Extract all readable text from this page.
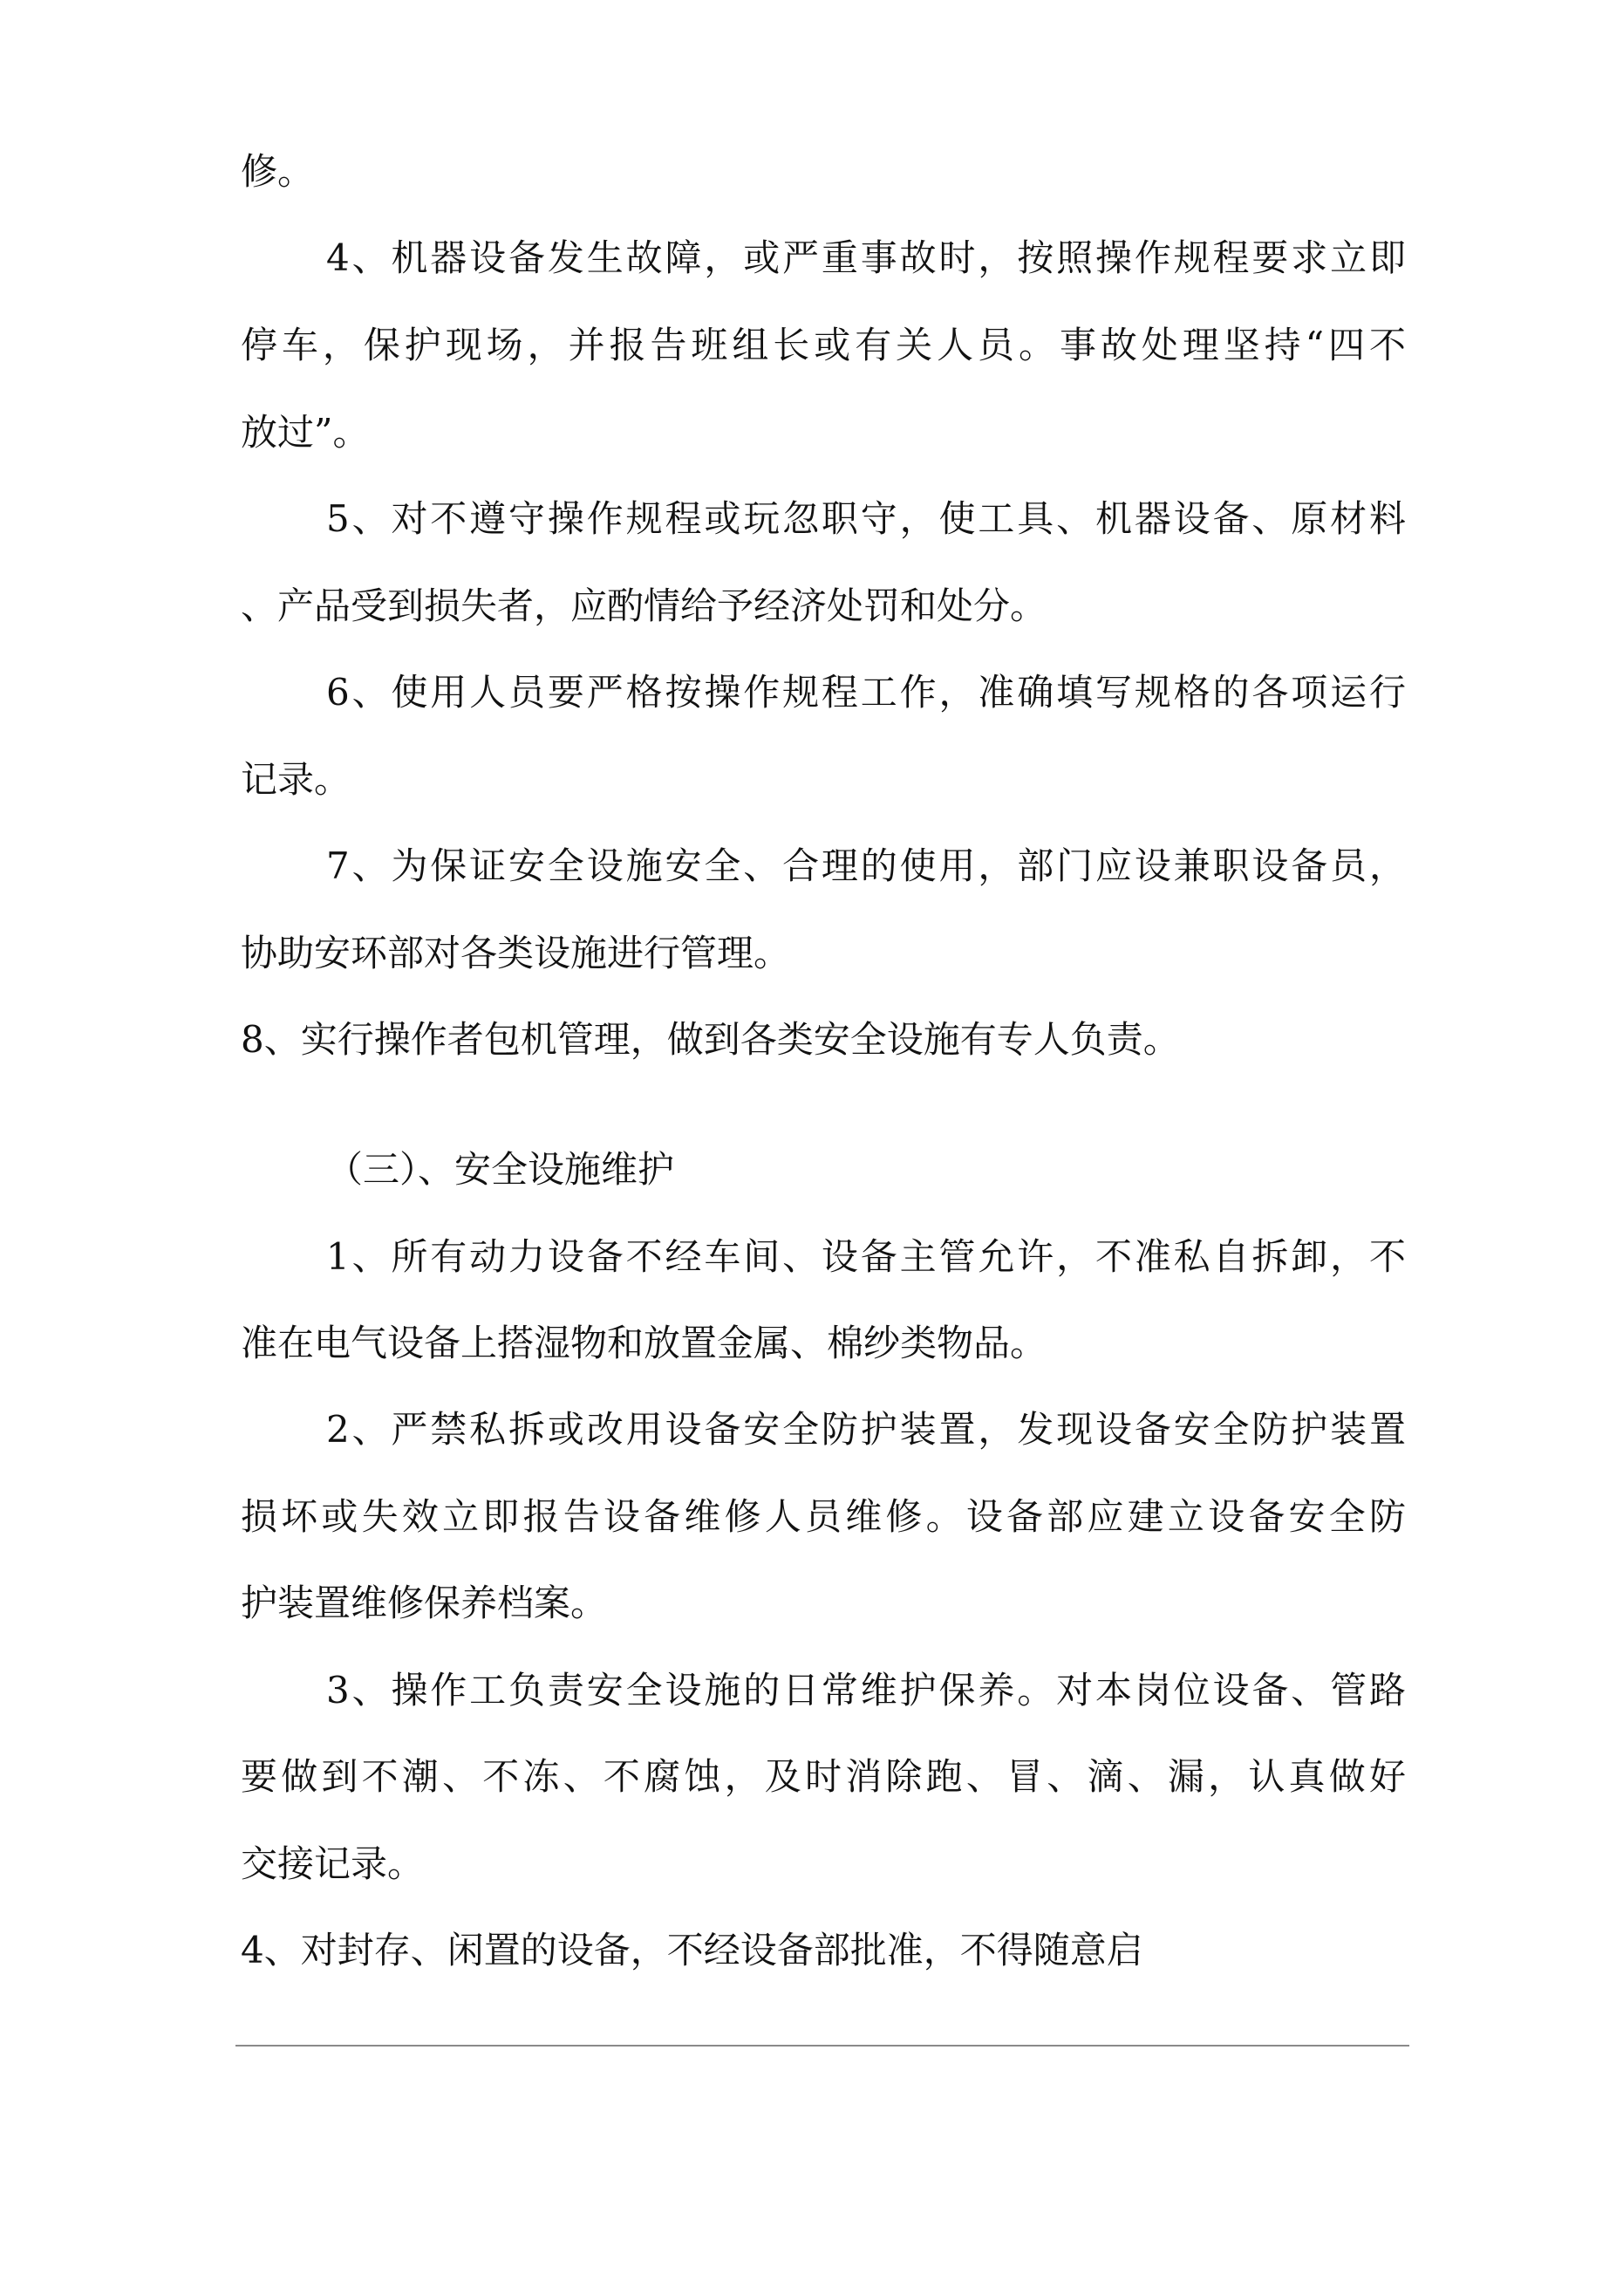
修。
4、机器设备发生故障，或严重事故时，按照操作规程要求立即
停车，保护现场，并报告班组长或有关人员。事故处理坚持“四不
放过”。
5、对不遵守操作规程或玩忽职守，使工具、机器设备、原材料
、产品受到损失者，应酌情给予经济处罚和处分。
6、使用人员要严格按操作规程工作，准确填写规格的各项运行
记录。
7、为保证安全设施安全、合理的使用，部门应设兼职设备员，
协助安环部对各类设施进行管理。
8、实行操作者包机管理，做到各类安全设施有专人负责。
（三）、安全设施维护
1、所有动力设备不经车间、设备主管允许，不准私自拆卸，不
准在电气设备上搭湿物和放置金属、棉纱类物品。
2、严禁私拆或改用设备安全防护装置，发现设备安全防护装置
损坏或失效立即报告设备维修人员维修。设备部应建立设备安全防
护装置维修保养档案。
3、操作工负责安全设施的日常维护保养。对本岗位设备、管路
要做到不潮、不冻、不腐蚀，及时消除跑、冒、滴、漏，认真做好
交接记录。
4、对封存、闲置的设备，不经设备部批准，不得随意启
